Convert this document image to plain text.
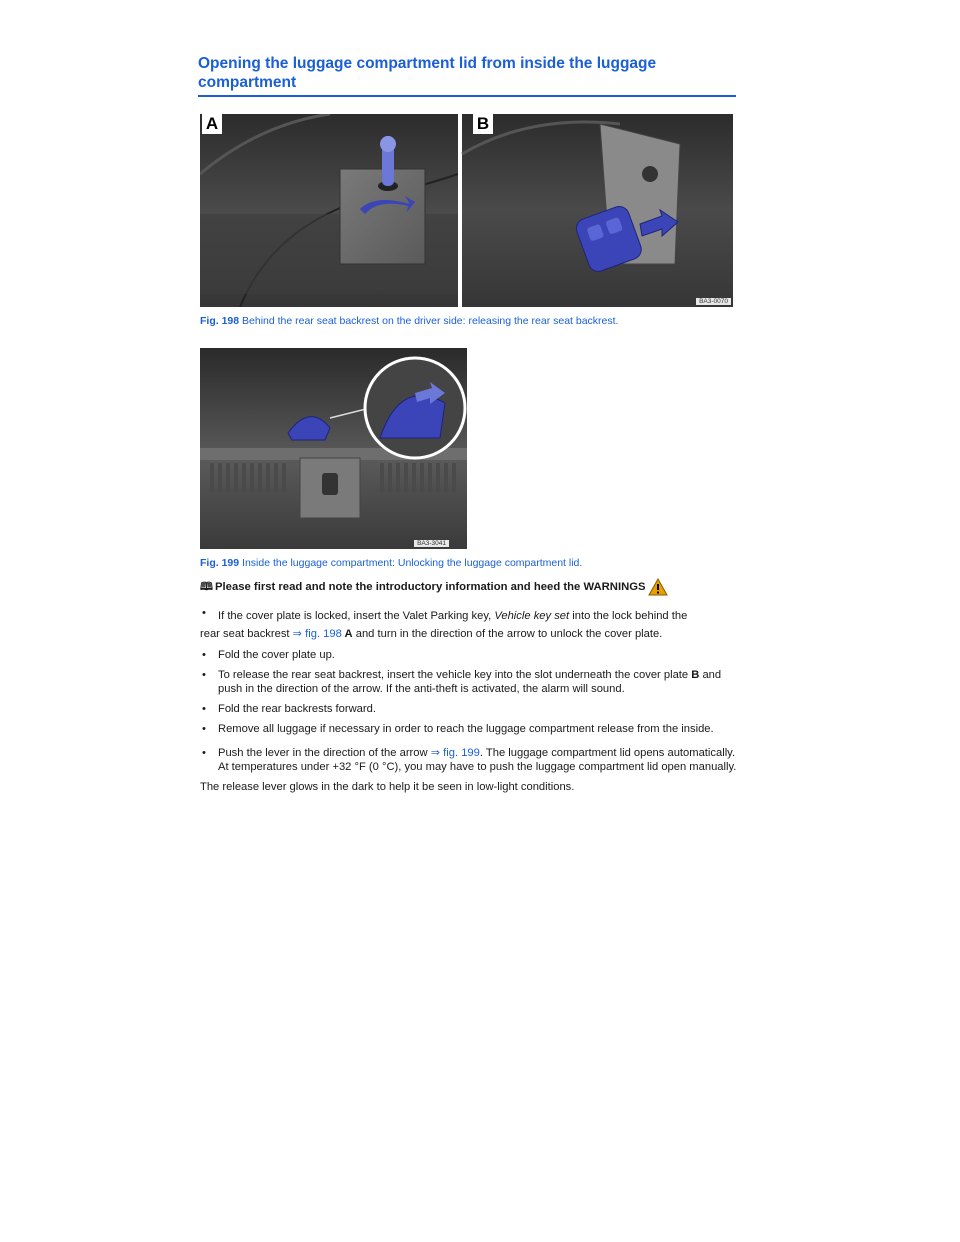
Opening the luggage compartment lid from inside the luggage compartment
A	B
BA3-0070
Fig. 198 Behind the rear seat backrest on the driver side: releasing the rear seat backrest.
BA3-3041
Fig. 199 Inside the luggage compartment: Unlocking the luggage compartment lid.
🕮 Please first read and note the introductory information and heed the WARNINGS
•	If the cover plate is locked, insert the Valet Parking key, Vehicle key set into the lock behind the
rear seat backrest ⇒ fig. 198 A and turn in the direction of the arrow to unlock the cover plate.
•	Fold the cover plate up.
•	To release the rear seat backrest, insert the vehicle key into the slot underneath the cover plate B and push in the direction of the arrow. If the anti-theft is activated, the alarm will sound.
•	Fold the rear backrests forward.
•	Remove all luggage if necessary in order to reach the luggage compartment release from the inside.
•	Push the lever in the direction of the arrow ⇒ fig. 199. The luggage compartment lid opens automatically. At temperatures under +32 °F (0 °C), you may have to push the luggage compartment lid open manually.
The release lever glows in the dark to help it be seen in low-light conditions.
